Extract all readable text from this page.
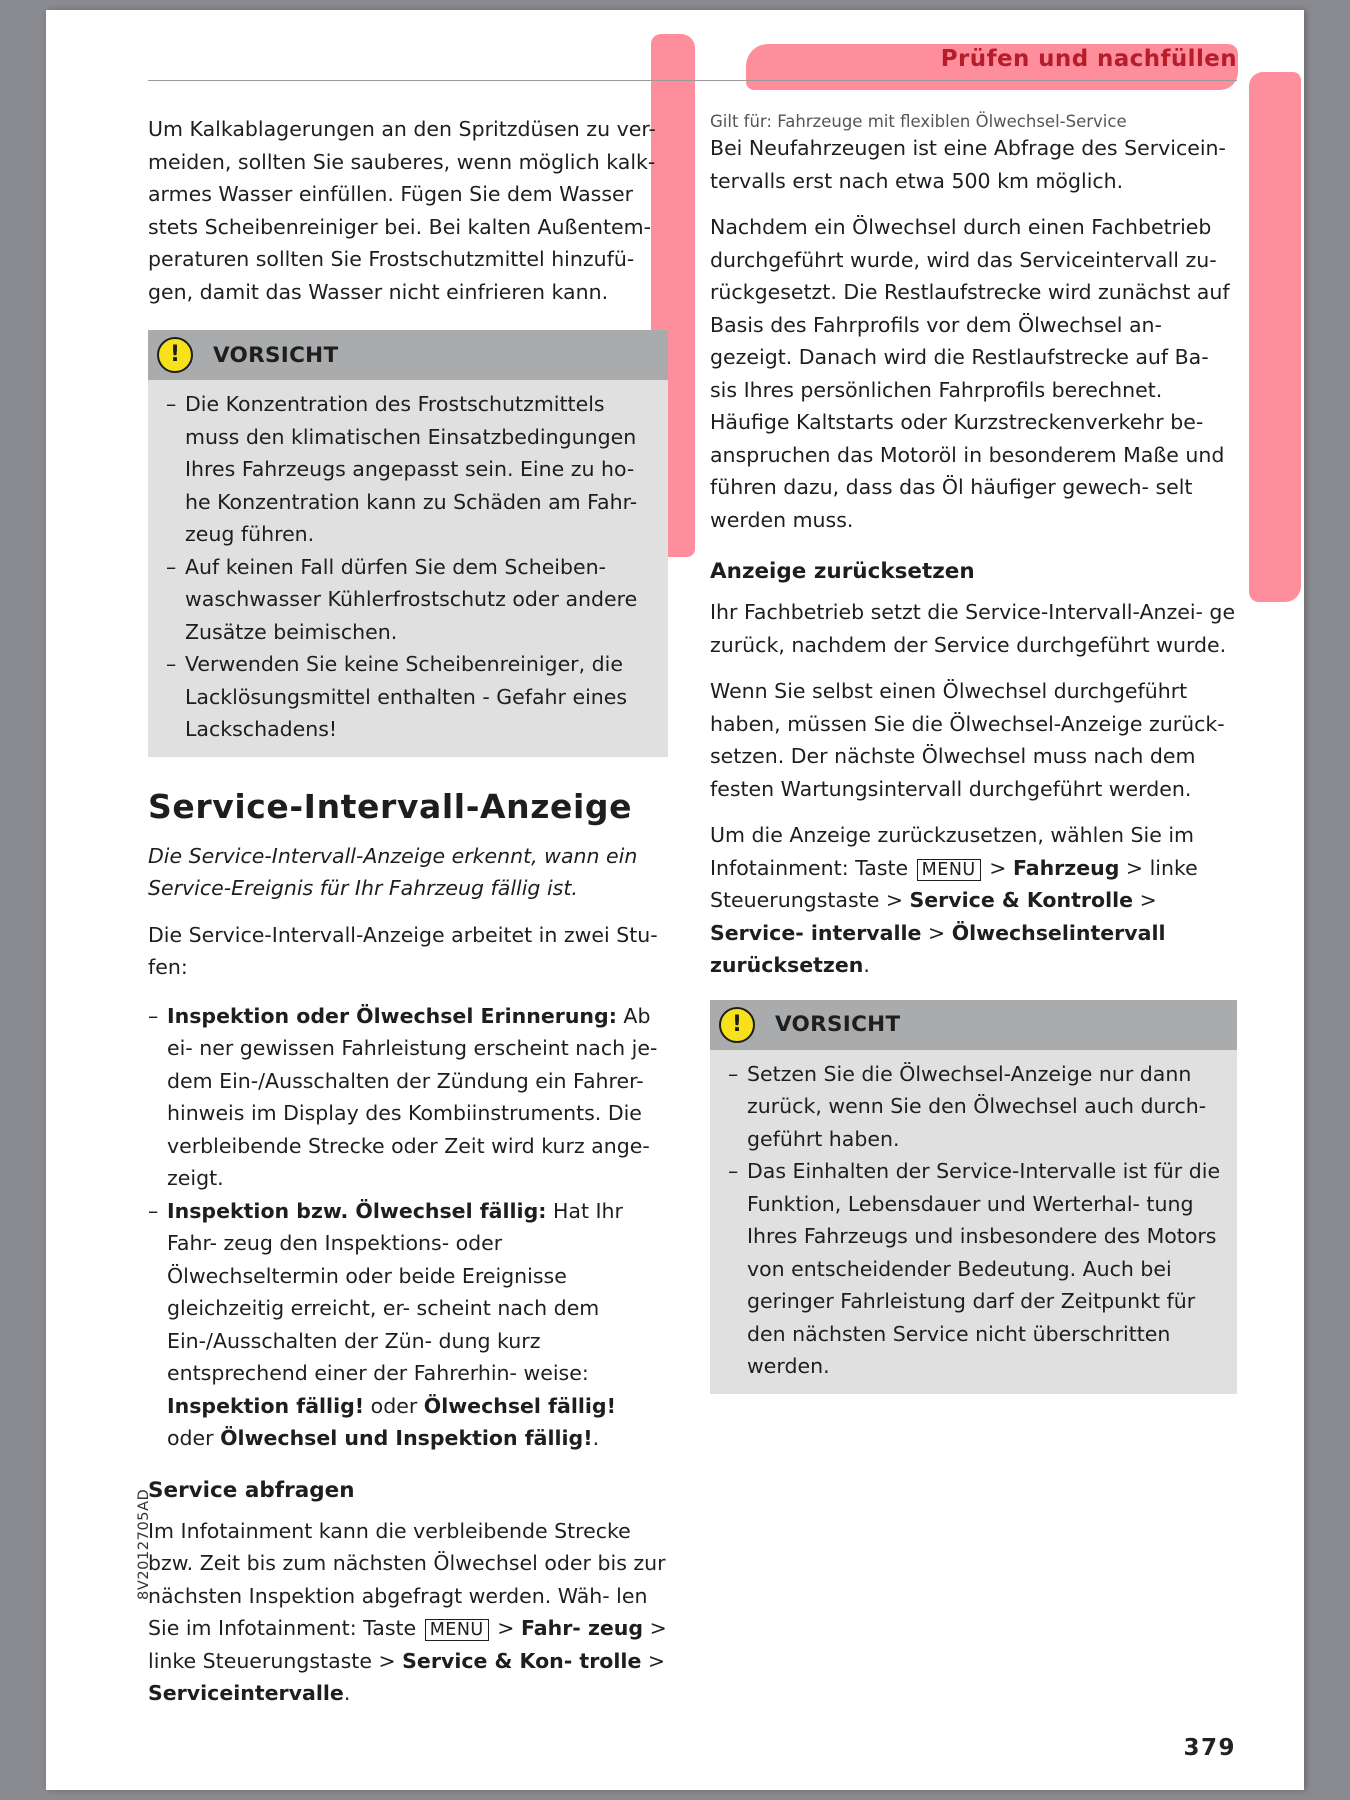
Prüfen und nachfüllen

Um Kalkablagerungen an den Spritzdüsen zu ver- meiden, sollten Sie sauberes, wenn möglich kalk- armes Wasser einfüllen. Fügen Sie dem Wasser stets Scheibenreiniger bei. Bei kalten Außentem- peraturen sollten Sie Frostschutzmittel hinzufü- gen, damit das Wasser nicht einfrieren kann.

!	VORSICHT
– Die Konzentration des Frostschutzmittels muss den klimatischen Einsatzbedingungen Ihres Fahrzeugs angepasst sein. Eine zu ho- he Konzentration kann zu Schäden am Fahr- zeug führen.
– Auf keinen Fall dürfen Sie dem Scheiben- waschwasser Kühlerfrostschutz oder andere Zusätze beimischen.
– Verwenden Sie keine Scheibenreiniger, die Lacklösungsmittel enthalten - Gefahr eines Lackschadens!
Service-Intervall-Anzeige

Die Service-Intervall-Anzeige erkennt, wann ein Service-Ereignis für Ihr Fahrzeug fällig ist.

Die Service-Intervall-Anzeige arbeitet in zwei Stu- fen:

– Inspektion oder Ölwechsel Erinnerung: Ab ei- ner gewissen Fahrleistung erscheint nach je- dem Ein-/Ausschalten der Zündung ein Fahrer- hinweis im Display des Kombiinstruments. Die verbleibende Strecke oder Zeit wird kurz ange- zeigt.
– Inspektion bzw. Ölwechsel fällig: Hat Ihr Fahr- zeug den Inspektions- oder Ölwechseltermin oder beide Ereignisse gleichzeitig erreicht, er- scheint nach dem Ein-/Ausschalten der Zün- dung kurz entsprechend einer der Fahrerhin- weise: Inspektion fällig! oder Ölwechsel fällig! oder Ölwechsel und Inspektion fällig!.
Service abfragen

Im Infotainment kann die verbleibende Strecke bzw. Zeit bis zum nächsten Ölwechsel oder bis zur nächsten Inspektion abgefragt werden. Wäh- len Sie im Infotainment: Taste MENU > Fahr- zeug > linke Steuerungstaste > Service & Kon- trolle > Serviceintervalle.

Gilt für: Fahrzeuge mit flexiblen Ölwechsel-Service

Bei Neufahrzeugen ist eine Abfrage des Servicein- tervalls erst nach etwa 500 km möglich.

Nachdem ein Ölwechsel durch einen Fachbetrieb durchgeführt wurde, wird das Serviceintervall zu- rückgesetzt. Die Restlaufstrecke wird zunächst auf Basis des Fahrprofils vor dem Ölwechsel an- gezeigt. Danach wird die Restlaufstrecke auf Ba- sis Ihres persönlichen Fahrprofils berechnet. Häufige Kaltstarts oder Kurzstreckenverkehr be- anspruchen das Motoröl in besonderem Maße und führen dazu, dass das Öl häufiger gewech- selt werden muss.

Anzeige zurücksetzen

Ihr Fachbetrieb setzt die Service-Intervall-Anzei- ge zurück, nachdem der Service durchgeführt wurde.

Wenn Sie selbst einen Ölwechsel durchgeführt haben, müssen Sie die Ölwechsel-Anzeige zurück- setzen. Der nächste Ölwechsel muss nach dem festen Wartungsintervall durchgeführt werden.

Um die Anzeige zurückzusetzen, wählen Sie im Infotainment: Taste MENU > Fahrzeug > linke Steuerungstaste > Service & Kontrolle > Service- intervalle > Ölwechselintervall zurücksetzen.

!	VORSICHT
– Setzen Sie die Ölwechsel-Anzeige nur dann zurück, wenn Sie den Ölwechsel auch durch- geführt haben.
– Das Einhalten der Service-Intervalle ist für die Funktion, Lebensdauer und Werterhal- tung Ihres Fahrzeugs und insbesondere des Motors von entscheidender Bedeutung. Auch bei geringer Fahrleistung darf der Zeitpunkt für den nächsten Service nicht überschritten werden.
8V2012705AD
379
